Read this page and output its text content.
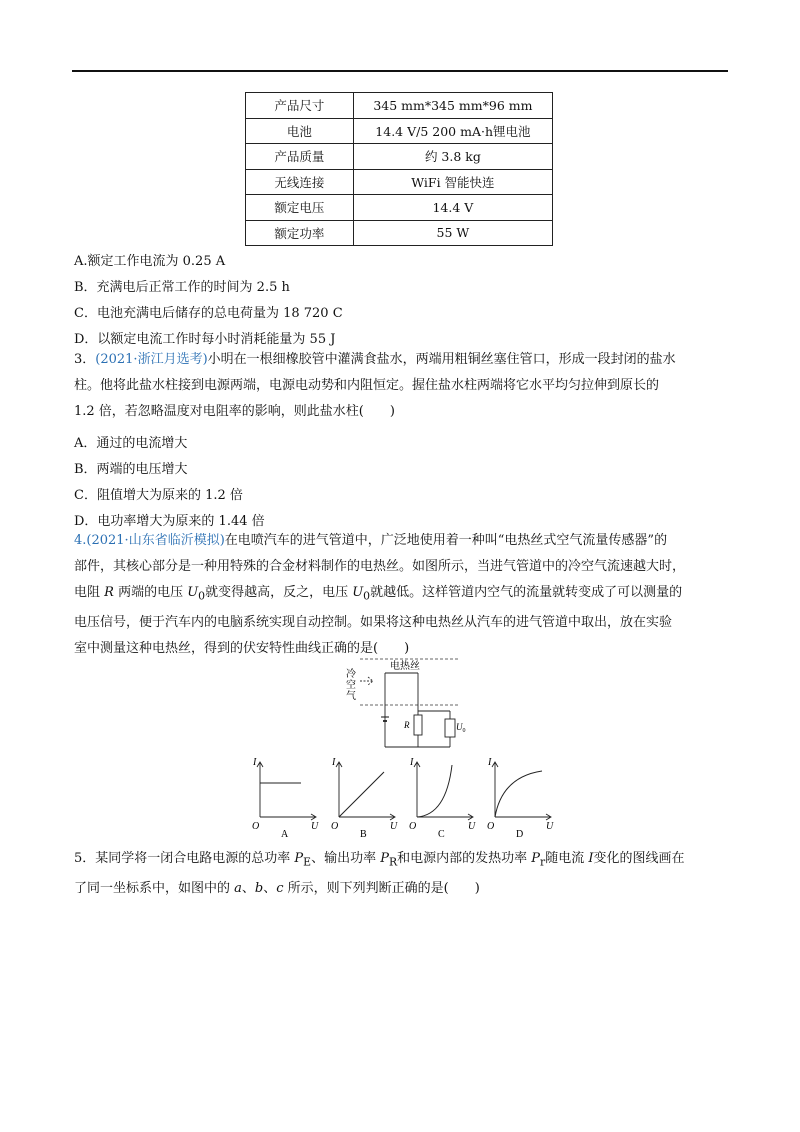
产品尺寸	345 mm*345 mm*96 mm
电池	14.4 V/5 200 mA·h锂电池
产品质量	约 3.8 kg
无线连接	WiFi 智能快连
额定电压	14.4 V
额定功率	55 W
A.额定工作电流为 0.25 A
B．充满电后正常工作的时间为 2.5 h
C．电池充满电后储存的总电荷量为 18 720 C
D．以额定电流工作时每小时消耗能量为 55 J
3．(2021·浙江月选考)小明在一根细橡胶管中灌满食盐水，两端用粗铜丝塞住管口，形成一段封闭的盐水
柱。他将此盐水柱接到电源两端，电源电动势和内阻恒定。握住盐水柱两端将它水平均匀拉伸到原长的
1.2 倍，若忽略温度对电阻率的影响，则此盐水柱(　　)
A．通过的电流增大
B．两端的电压增大
C．阻值增大为原来的 1.2 倍
D．电功率增大为原来的 1.44 倍
4.(2021·山东省临沂模拟)在电喷汽车的进气管道中，广泛地使用着一种叫“电热丝式空气流量传感器”的
部件，其核心部分是一种用特殊的合金材料制作的电热丝。如图所示，当进气管道中的冷空气流速越大时，
电阻 R 两端的电压 $U_0$就变得越高，反之，电压 $U_0$就越低。这样管道内空气的流量就转变成了可以测量的
电压信号，便于汽车内的电脑系统实现自动控制。如果将这种电热丝从汽车的进气管道中取出，放在实验
室中测量这种电热丝，得到的伏安特性曲线正确的是(　　)
冷
空
气
电热丝
R	$U_0$
I
U
O
A
I
U
O
B
I
U
O
C
I
U
O
D
5．某同学将一闭合电路电源的总功率 $P_E$、输出功率 $P_R$和电源内部的发热功率 $P_r$随电流 I变化的图线画在
了同一坐标系中，如图中的 a、b、c 所示，则下列判断正确的是(　　)
